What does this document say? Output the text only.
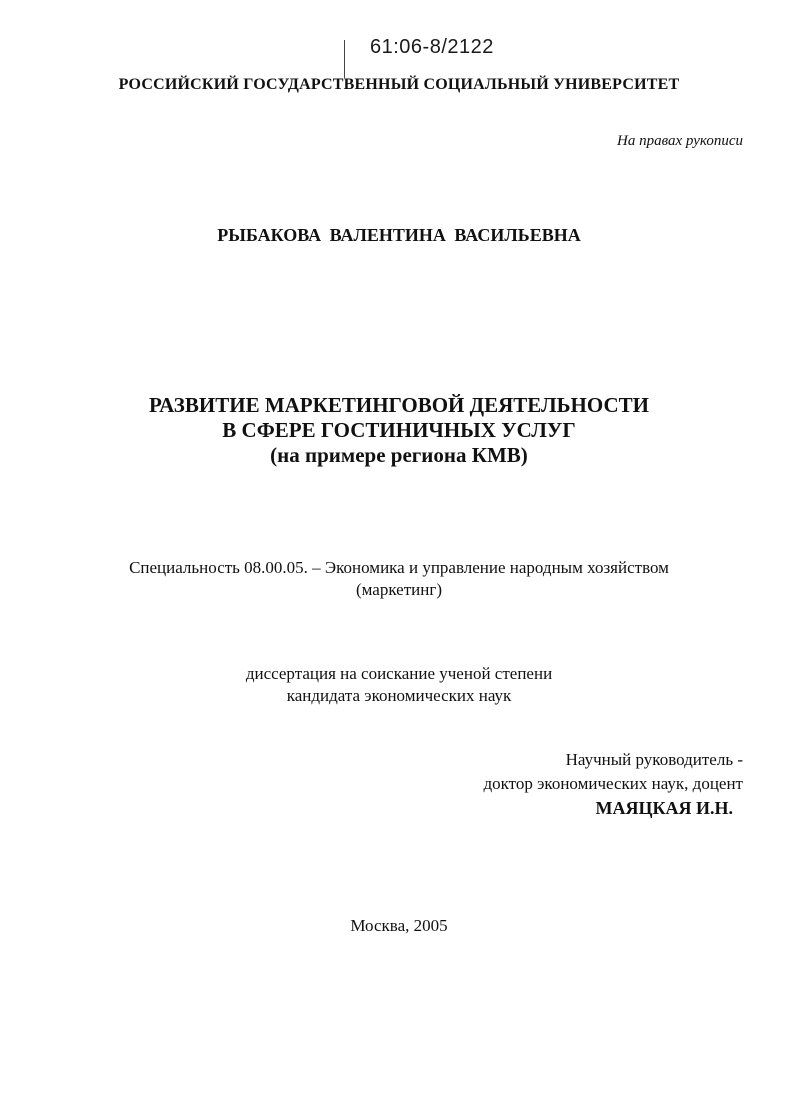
61:06-8/2122
РОССИЙСКИЙ ГОСУДАРСТВЕННЫЙ СОЦИАЛЬНЫЙ УНИВЕРСИТЕТ
На правах рукописи
РЫБАКОВА ВАЛЕНТИНА ВАСИЛЬЕВНА
РАЗВИТИЕ МАРКЕТИНГОВОЙ ДЕЯТЕЛЬНОСТИ
В СФЕРЕ ГОСТИНИЧНЫХ УСЛУГ
(на примере региона КМВ)
Специальность 08.00.05. – Экономика и управление народным хозяйством
(маркетинг)
диссертация на соискание ученой степени
кандидата экономических наук
Научный руководитель -
доктор экономических наук, доцент
МАЯЦКАЯ И.Н.
Москва, 2005
